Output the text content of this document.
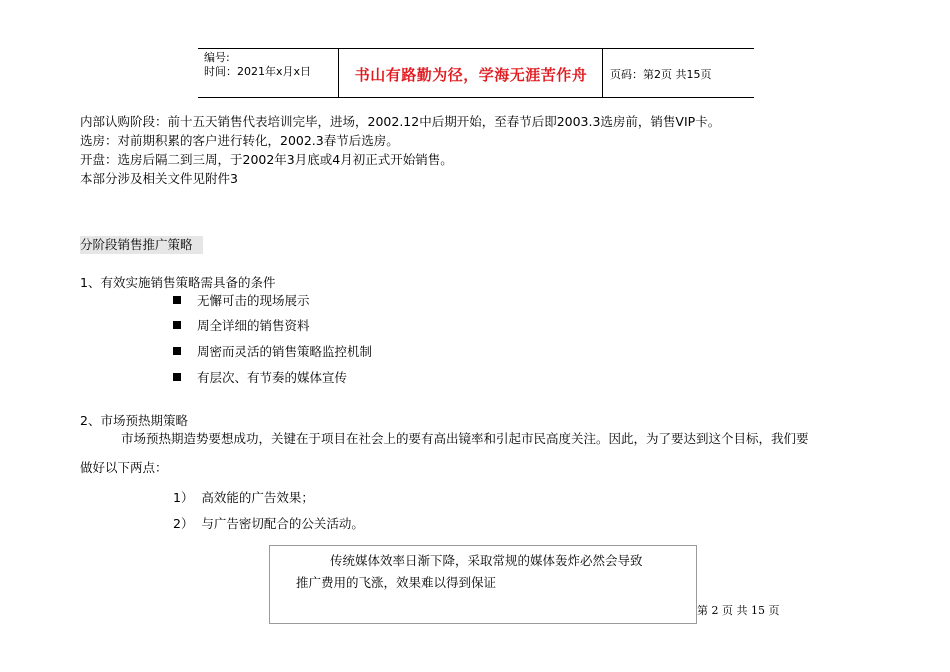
编号:
时间：2021年x月x日	书山有路勤为径，学海无涯苦作舟	页码：第2页 共15页
内部认购阶段：前十五天销售代表培训完毕，进场，2002.12中后期开始，至春节后即2003.3选房前，销售VIP卡。
选房：对前期积累的客户进行转化，2002.3春节后选房。
开盘：选房后隔二到三周，于2002年3月底或4月初正式开始销售。
本部分涉及相关文件见附件3
分阶段销售推广策略
1、有效实施销售策略需具备的条件
无懈可击的现场展示
周全详细的销售资料
周密而灵活的销售策略监控机制
有层次、有节奏的媒体宣传
2、市场预热期策略
市场预热期造势要想成功，关键在于项目在社会上的要有高出镜率和引起市民高度关注。因此，为了要达到这个目标，我们要
做好以下两点：
1） 高效能的广告效果；
2） 与广告密切配合的公关活动。
传统媒体效率日渐下降，采取常规的媒体轰炸必然会导致
推广费用的飞涨，效果难以得到保证
第 2 页 共 15 页
